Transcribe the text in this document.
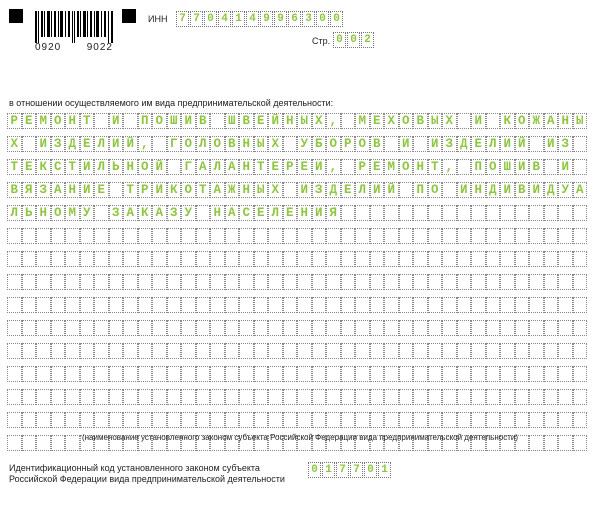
0920	9022
ИНН 7 7 0 4 1 4 9 9 6 3 0 0
Стр. 0 0 2
в отношении осуществляемого им вида предпринимательской деятельности:
Р Е М О Н Т И П О Ш И В Ш В Е Й Н Ы Х , М Е Х О В Ы Х И К О Ж А Н Ы
Х И З Д Е Л И Й , Г О Л О В Н Ы Х У Б О Р О В И И З Д Е Л И Й И З
Т Е К С Т И Л Ь Н О Й Г А Л А Н Т Е Р Е И , Р Е М О Н Т , П О Ш И В И
В Я З А Н И Е Т Р И К О Т А Ж Н Ы Х И З Д Е Л И Й П О И Н Д И В И Д У А
Л Ь Н О М У З А К А З У Н А С Е Л Е Н И Я
(наименование установленного законом субъекта Российской Федерации вида предпринимательской деятельности)
Идентификационный код установленного законом субъекта Российской Федерации вида предпринимательской деятельности
0 1 7 7 0 1
